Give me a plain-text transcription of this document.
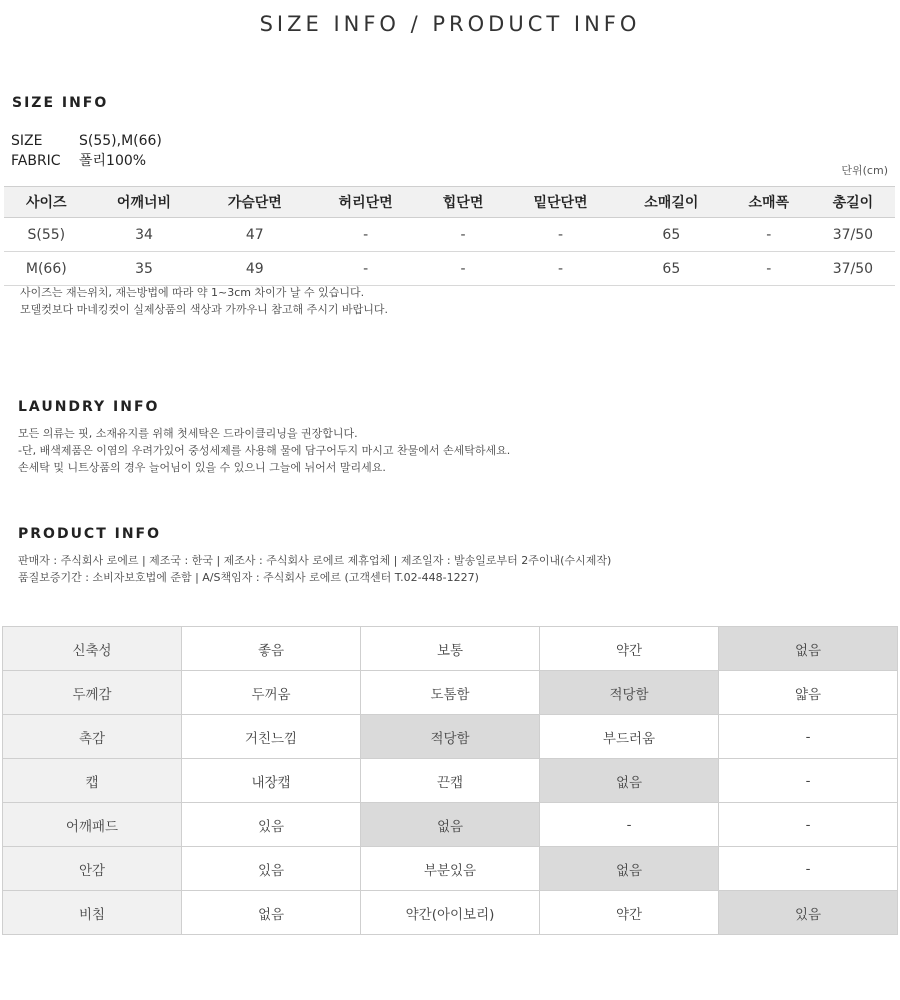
SIZE INFO / PRODUCT INFO
SIZE INFO
SIZE	S(55),M(66)
FABRIC 폴리100%
단위(cm)
사이즈	어깨너비	가슴단면	허리단면	힙단면	밑단단면	소매길이	소매폭	총길이
S(55)	34	47	-	-	-	65	-	37/50
M(66)	35	49	-	-	-	65	-	37/50
사이즈는 재는위치, 재는방법에 따라 약 1~3cm 차이가 날 수 있습니다.
모델컷보다 마네킹컷이 실제상품의 색상과 가까우니 참고해 주시기 바랍니다.
LAUNDRY INFO
모든 의류는 핏, 소재유지를 위해 첫세탁은 드라이클리닝을 권장합니다.
-단, 배색제품은 이염의 우려가있어 중성세제를 사용해 물에 담구어두지 마시고 찬물에서 손세탁하세요.
손세탁 및 니트상품의 경우 늘어님이 있을 수 있으니 그늘에 뉘어서 말리세요.
PRODUCT INFO
판매자 : 주식회사 로에르 | 제조국 : 한국 | 제조사 : 주식회사 로에르 제휴업체 | 제조일자 : 발송일로부터 2주이내(수시제작)
품질보증기간 : 소비자보호법에 준함 | A/S책임자 : 주식회사 로에르 (고객센터 T.02-448-1227)
신축성	좋음	보통	약간	없음
두께감	두꺼움	도톰함	적당함	얇음
촉감	거친느낌	적당함	부드러움	-
캡	내장캡	끈캡	없음	-
어깨패드	있음	없음	-	-
안감	있음	부분있음	없음	-
비침	없음	약간(아이보리)	약간	있음
